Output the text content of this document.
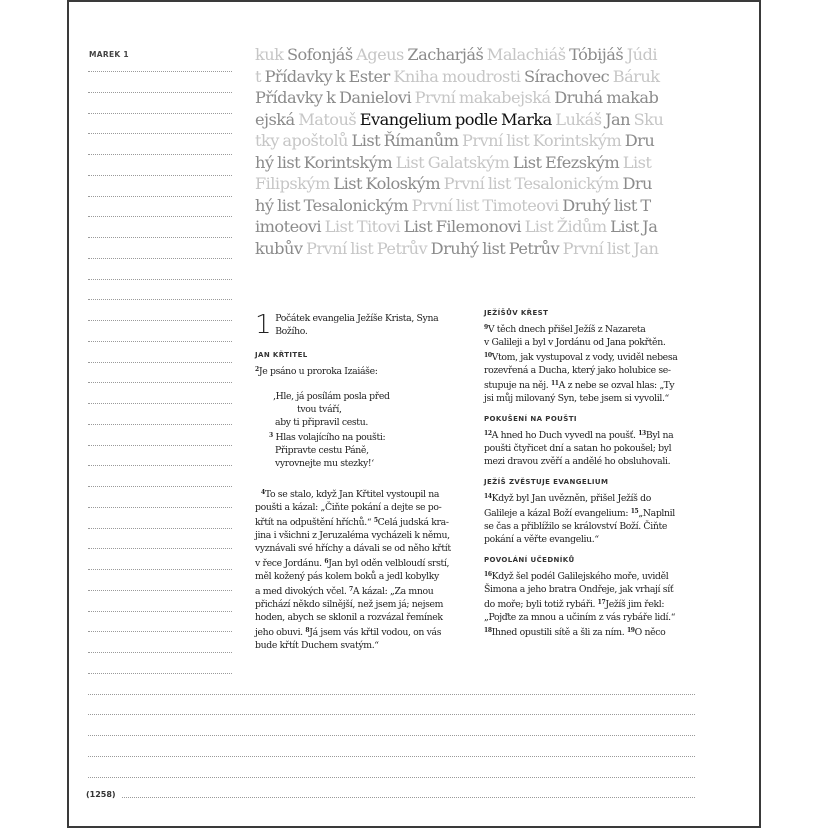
MAREK 1	kuk Sofonjáš Ageus Zacharjáš Malachiáš Tóbijáš Júdi
t Přídavky k Ester Kniha moudrosti Sírachovec Báruk
Přídavky k Danielovi První makabejská Druhá makab
ejská Matouš Evangelium podle Marka Lukáš Jan Sku
tky apoštolů List Římanům První list Korintským Dru
hý list Korintským List Galatským List Efezským List
Filipským List Koloským První list Tesalonickým Dru
hý list Tesalonickým První list Timoteovi Druhý list T
imoteovi List Titovi List Filemonovi List Židům List Ja
kubův První list Petrův Druhý list Petrův První list Jan
1 Počátek evangelia Ježíše Krista, Syna
Božího.
JAN KŘTITEL
$^2$Je psáno u proroka Izaiáše:
‚Hle, já posílám posla před
tvou tváří,
aby ti připravil cestu.
$^3$ Hlas volajícího na poušti:
Připravte cestu Páně,
vyrovnejte mu stezky!‘
$^4$To se stalo, když Jan Křtitel vystoupil na
poušti a kázal: „Čiňte pokání a dejte se po-
křtít na odpuštění hříchů.“ $^5$Celá judská kra-
jina i všichni z Jeruzaléma vycházeli k němu,
vyznávali své hříchy a dávali se od něho křtít
v řece Jordánu. $^6$Jan byl oděn velbloudí srstí,
měl kožený pás kolem boků a jedl kobylky
a med divokých včel. $^7$A kázal: „Za mnou
přichází někdo silnější, než jsem já; nejsem
hoden, abych se sklonil a rozvázal řemínek
jeho obuvi. $^8$Já jsem vás křtil vodou, on vás
bude křtít Duchem svatým.“
JEŽÍŠŮV KŘEST
$^9$V těch dnech přišel Ježíš z Nazareta
v Galileji a byl v Jordánu od Jana pokřtěn.
$^{10}$Vtom, jak vystupoval z vody, uviděl nebesa
rozevřená a Ducha, který jako holubice se-
stupuje na něj. $^{11}$A z nebe se ozval hlas: „Ty
jsi můj milovaný Syn, tebe jsem si vyvolil.“
POKUŠENÍ NA POUŠTI
$^{12}$A hned ho Duch vyvedl na poušť. $^{13}$Byl na
poušti čtyřicet dní a satan ho pokoušel; byl
mezi dravou zvěří a andělé ho obsluhovali.
JEŽÍŠ ZVĚSTUJE EVANGELIUM
$^{14}$Když byl Jan uvězněn, přišel Ježíš do
Galileje a kázal Boží evangelium: $^{15}$„Naplnil
se čas a přiblížilo se království Boží. Čiňte
pokání a věřte evangeliu.“
POVOLÁNÍ UČEDNÍKŮ
$^{16}$Když šel podél Galilejského moře, uviděl
Šimona a jeho bratra Ondřeje, jak vrhají síť
do moře; byli totiž rybáři. $^{17}$Ježíš jim řekl:
„Pojďte za mnou a učiním z vás rybáře lidí.“
$^{18}$Ihned opustili sítě a šli za ním. $^{19}$O něco
(1258)
